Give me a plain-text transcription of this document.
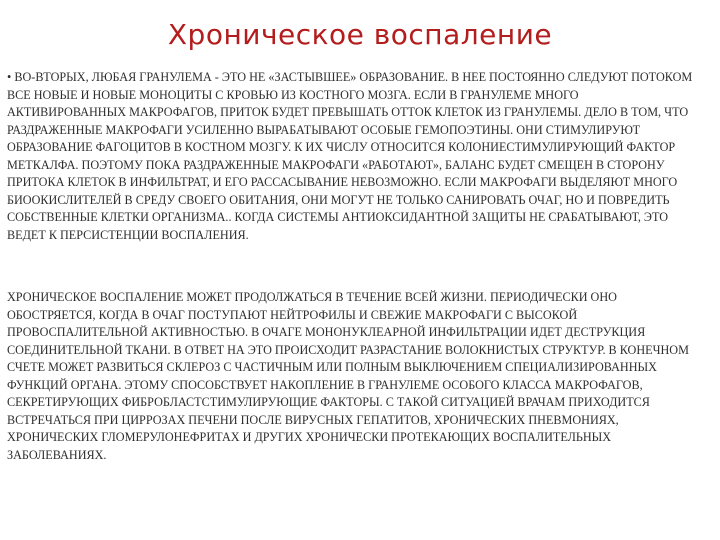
Хроническое воспаление
• ВО-ВТОРЫХ, ЛЮБАЯ ГРАНУЛЕМА - ЭТО НЕ «ЗАСТЫВШЕЕ» ОБРАЗОВАНИЕ. В НЕЕ ПОСТОЯННО СЛЕДУЮТ ПОТОКОМ ВСЕ НОВЫЕ И НОВЫЕ МОНОЦИТЫ С КРОВЬЮ ИЗ КОСТНОГО МОЗГА. ЕСЛИ В ГРАНУЛЕМЕ МНОГО АКТИВИРОВАННЫХ МАКРОФАГОВ, ПРИТОК БУДЕТ ПРЕВЫШАТЬ ОТТОК КЛЕТОК ИЗ ГРАНУЛЕМЫ. ДЕЛО В ТОМ, ЧТО РАЗДРАЖЕННЫЕ МАКРОФАГИ УСИЛЕННО ВЫРАБАТЫВАЮТ ОСОБЫЕ ГЕМОПОЭТИНЫ. ОНИ СТИМУЛИРУЮТ ОБРАЗОВАНИЕ ФАГОЦИТОВ В КОСТНОМ МОЗГУ. К ИХ ЧИСЛУ ОТНОСИТСЯ КОЛОНИЕСТИМУЛИРУЮЩИЙ ФАКТОР МЕТКАЛФА. ПОЭТОМУ ПОКА РАЗДРАЖЕННЫЕ МАКРОФАГИ «РАБОТАЮТ», БАЛАНС БУДЕТ СМЕЩЕН В СТОРОНУ ПРИТОКА КЛЕТОК В ИНФИЛЬТРАТ, И ЕГО РАССАСЫВАНИЕ НЕВОЗМОЖНО. ЕСЛИ МАКРОФАГИ ВЫДЕЛЯЮТ МНОГО БИООКИСЛИТЕЛЕЙ В СРЕДУ СВОЕГО ОБИТАНИЯ, ОНИ МОГУТ НЕ ТОЛЬКО САНИРОВАТЬ ОЧАГ, НО И ПОВРЕДИТЬ СОБСТВЕННЫЕ КЛЕТКИ ОРГАНИЗМА.. КОГДА СИСТЕМЫ АНТИОКСИДАНТНОЙ ЗАЩИТЫ НЕ СРАБАТЫВАЮТ, ЭТО ВЕДЕТ К ПЕРСИСТЕНЦИИ ВОСПАЛЕНИЯ.
ХРОНИЧЕСКОЕ ВОСПАЛЕНИЕ МОЖЕТ ПРОДОЛЖАТЬСЯ В ТЕЧЕНИЕ ВСЕЙ ЖИЗНИ. ПЕРИОДИЧЕСКИ ОНО ОБОСТРЯЕТСЯ, КОГДА В ОЧАГ ПОСТУПАЮТ НЕЙТРОФИЛЫ И СВЕЖИЕ МАКРОФАГИ С ВЫСОКОЙ ПРОВОСПАЛИТЕЛЬНОЙ АКТИВНОСТЬЮ. В ОЧАГЕ МОНОНУКЛЕАРНОЙ ИНФИЛЬТРАЦИИ ИДЕТ ДЕСТРУКЦИЯ СОЕДИНИТЕЛЬНОЙ ТКАНИ. В ОТВЕТ НА ЭТО ПРОИСХОДИТ РАЗРАСТАНИЕ ВОЛОКНИСТЫХ СТРУКТУР. В КОНЕЧНОМ СЧЕТЕ МОЖЕТ РАЗВИТЬСЯ СКЛЕРОЗ С ЧАСТИЧНЫМ ИЛИ ПОЛНЫМ ВЫКЛЮЧЕНИЕМ СПЕЦИАЛИЗИРОВАННЫХ ФУНКЦИЙ ОРГАНА. ЭТОМУ СПОСОБСТВУЕТ НАКОПЛЕНИЕ В ГРАНУЛЕМЕ ОСОБОГО КЛАССА МАКРОФАГОВ, СЕКРЕТИРУЮЩИХ ФИБРОБЛАСТСТИМУЛИРУЮЩИЕ ФАКТОРЫ. С ТАКОЙ СИТУАЦИЕЙ ВРАЧАМ ПРИХОДИТСЯ ВСТРЕЧАТЬСЯ ПРИ ЦИРРОЗАХ ПЕЧЕНИ ПОСЛЕ ВИРУСНЫХ ГЕПАТИТОВ, ХРОНИЧЕСКИХ ПНЕВМОНИЯХ, ХРОНИЧЕСКИХ ГЛОМЕРУЛОНЕФРИТАХ И ДРУГИХ ХРОНИЧЕСКИ ПРОТЕКАЮЩИХ ВОСПАЛИТЕЛЬНЫХ ЗАБОЛЕВАНИЯХ.
